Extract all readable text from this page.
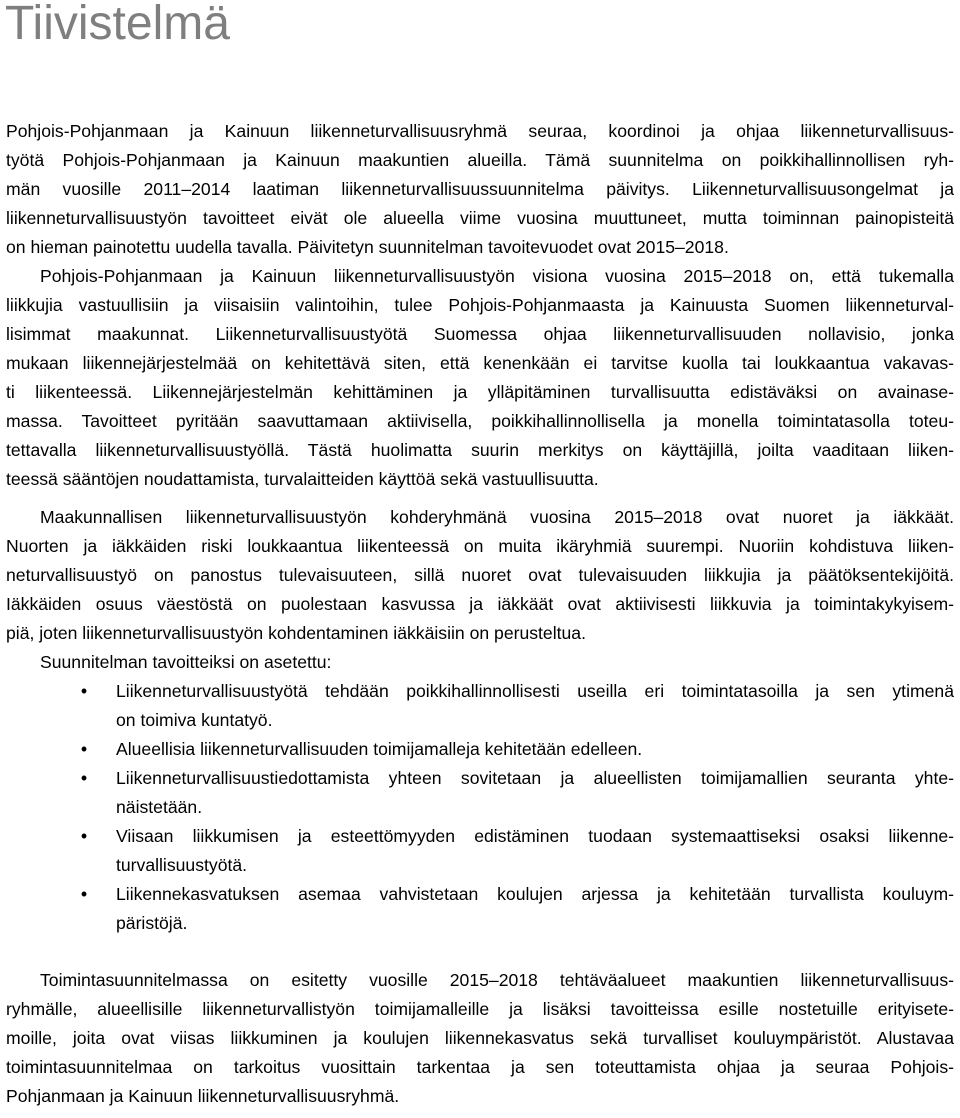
Tiivistelmä
Pohjois-Pohjanmaan ja Kainuun liikenneturvallisuusryhmä seuraa, koordinoi ja ohjaa liikenneturvallisuus-
työtä Pohjois-Pohjanmaan ja Kainuun maakuntien alueilla. Tämä suunnitelma on poikkihallinnollisen ryh-
män vuosille 2011–2014 laatiman liikenneturvallisuussuunnitelma päivitys. Liikenneturvallisuusongelmat ja
liikenneturvallisuustyön tavoitteet eivät ole alueella viime vuosina muuttuneet, mutta toiminnan painopisteitä
on hieman painotettu uudella tavalla. Päivitetyn suunnitelman tavoitevuodet ovat 2015–2018.
Pohjois-Pohjanmaan ja Kainuun liikenneturvallisuustyön visiona vuosina 2015–2018 on, että tukemalla
liikkujia vastuullisiin ja viisaisiin valintoihin, tulee Pohjois-Pohjanmaasta ja Kainuusta Suomen liikenneturval-
lisimmat maakunnat. Liikenneturvallisuustyötä Suomessa ohjaa liikenneturvallisuuden nollavisio, jonka
mukaan liikennejärjestelmää on kehitettävä siten, että kenenkään ei tarvitse kuolla tai loukkaantua vakavas-
ti liikenteessä. Liikennejärjestelmän kehittäminen ja ylläpitäminen turvallisuutta edistäväksi on avainase-
massa. Tavoitteet pyritään saavuttamaan aktiivisella, poikkihallinnollisella ja monella toimintatasolla toteu-
tettavalla liikenneturvallisuustyöllä. Tästä huolimatta suurin merkitys on käyttäjillä, joilta vaaditaan liiken-
teessä sääntöjen noudattamista, turvalaitteiden käyttöä sekä vastuullisuutta.
Maakunnallisen liikenneturvallisuustyön kohderyhmänä vuosina 2015–2018 ovat nuoret ja iäkkäät.
Nuorten ja iäkkäiden riski loukkaantua liikenteessä on muita ikäryhmiä suurempi. Nuoriin kohdistuva liiken-
neturvallisuustyö on panostus tulevaisuuteen, sillä nuoret ovat tulevaisuuden liikkujia ja päätöksentekijöitä.
Iäkkäiden osuus väestöstä on puolestaan kasvussa ja iäkkäät ovat aktiivisesti liikkuvia ja toimintakykyisem-
piä, joten liikenneturvallisuustyön kohdentaminen iäkkäisiin on perusteltua.
Suunnitelman tavoitteiksi on asetettu:
• Liikenneturvallisuustyötä tehdään poikkihallinnollisesti useilla eri toimintatasoilla ja sen ytimenä
on toimiva kuntatyö.
• Alueellisia liikenneturvallisuuden toimijamalleja kehitetään edelleen.
• Liikenneturvallisuustiedottamista yhteen sovitetaan ja alueellisten toimijamallien seuranta yhte-
näistetään.
• Viisaan liikkumisen ja esteettömyyden edistäminen tuodaan systemaattiseksi osaksi liikenne-
turvallisuustyötä.
• Liikennekasvatuksen asemaa vahvistetaan koulujen arjessa ja kehitetään turvallista kouluym-
päristöjä.
Toimintasuunnitelmassa on esitetty vuosille 2015–2018 tehtäväalueet maakuntien liikenneturvallisuus-
ryhmälle, alueellisille liikenneturvallistyön toimijamalleille ja lisäksi tavoitteissa esille nostetuille erityisete-
moille, joita ovat viisas liikkuminen ja koulujen liikennekasvatus sekä turvalliset kouluympäristöt. Alustavaa
toimintasuunnitelmaa on tarkoitus vuosittain tarkentaa ja sen toteuttamista ohjaa ja seuraa Pohjois-
Pohjanmaan ja Kainuun liikenneturvallisuusryhmä.
